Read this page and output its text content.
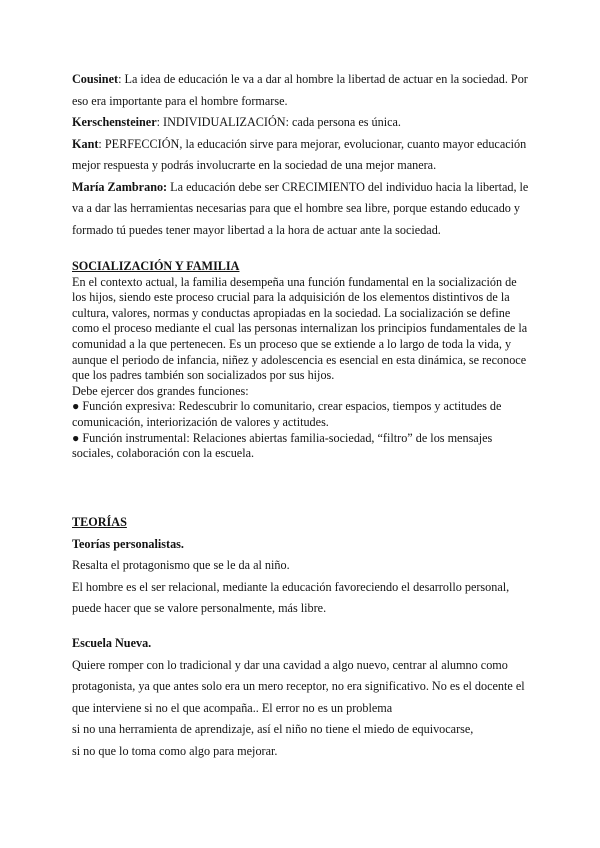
Cousinet: La idea de educación le va a dar al hombre la libertad de actuar en la sociedad. Por eso era importante para el hombre formarse.

Kerschensteiner: INDIVIDUALIZACIÓN: cada persona es única.

Kant: PERFECCIÓN, la educación sirve para mejorar, evolucionar, cuanto mayor educación mejor respuesta y podrás involucrarte en la sociedad de una mejor manera.

María Zambrano: La educación debe ser CRECIMIENTO del individuo hacia la libertad, le va a dar las herramientas necesarias para que el hombre sea libre, porque estando educado y formado tú puedes tener mayor libertad a la hora de actuar ante la sociedad.

SOCIALIZACIÓN Y FAMILIA

En el contexto actual, la familia desempeña una función fundamental en la socialización de los hijos, siendo este proceso crucial para la adquisición de los elementos distintivos de la cultura, valores, normas y conductas apropiadas en la sociedad. La socialización se define como el proceso mediante el cual las personas internalizan los principios fundamentales de la comunidad a la que pertenecen. Es un proceso que se extiende a lo largo de toda la vida, y aunque el periodo de infancia, niñez y adolescencia es esencial en esta dinámica, se reconoce que los padres también son socializados por sus hijos.

Debe ejercer dos grandes funciones:

● Función expresiva: Redescubrir lo comunitario, crear espacios, tiempos y actitudes de comunicación, interiorización de valores y actitudes.

● Función instrumental: Relaciones abiertas familia-sociedad, “filtro” de los mensajes sociales, colaboración con la escuela.

TEORÍAS
Teorías personalistas.

Resalta el protagonismo que se le da al niño.

El hombre es el ser relacional, mediante la educación favoreciendo el desarrollo personal, puede hacer que se valore personalmente, más libre.

Escuela Nueva.

Quiere romper con lo tradicional y dar una cavidad a algo nuevo, centrar al alumno como protagonista, ya que antes solo era un mero receptor, no era significativo. No es el docente el que interviene si no el que acompaña.. El error no es un problema

si no una herramienta de aprendizaje, así el niño no tiene el miedo de equivocarse,

si no que lo toma como algo para mejorar.
